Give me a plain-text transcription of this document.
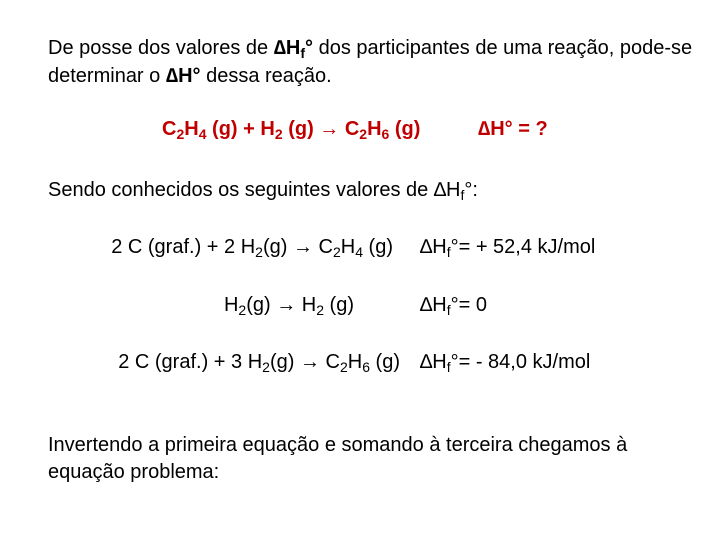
De posse dos valores de $\Delta H_f^\circ$ dos participantes de uma reação, pode-se determinar o ∆H° dessa reação.
$C_2H_4$ $(g) + H_2$ $(g) \to C_2H_6$ (g)	∆H° = ?
Sendo conhecidos os seguintes valores de $\Delta H_f^\circ$:
2 C (graf.) + 2 $H_2(g) \to C_2H_4$ (g) $\Delta H_f^\circ= + 52,4$ kJ/mol
$H_2(g) \to H_2$ (g)	$\Delta H_f^\circ= 0$
2 C (graf.) + 3 $H_2(g) \to C_2H_6$ (g) $\Delta H_f^\circ= - 84,0$ kJ/mol
Invertendo a primeira equação e somando à terceira chegamos à equação problema:
